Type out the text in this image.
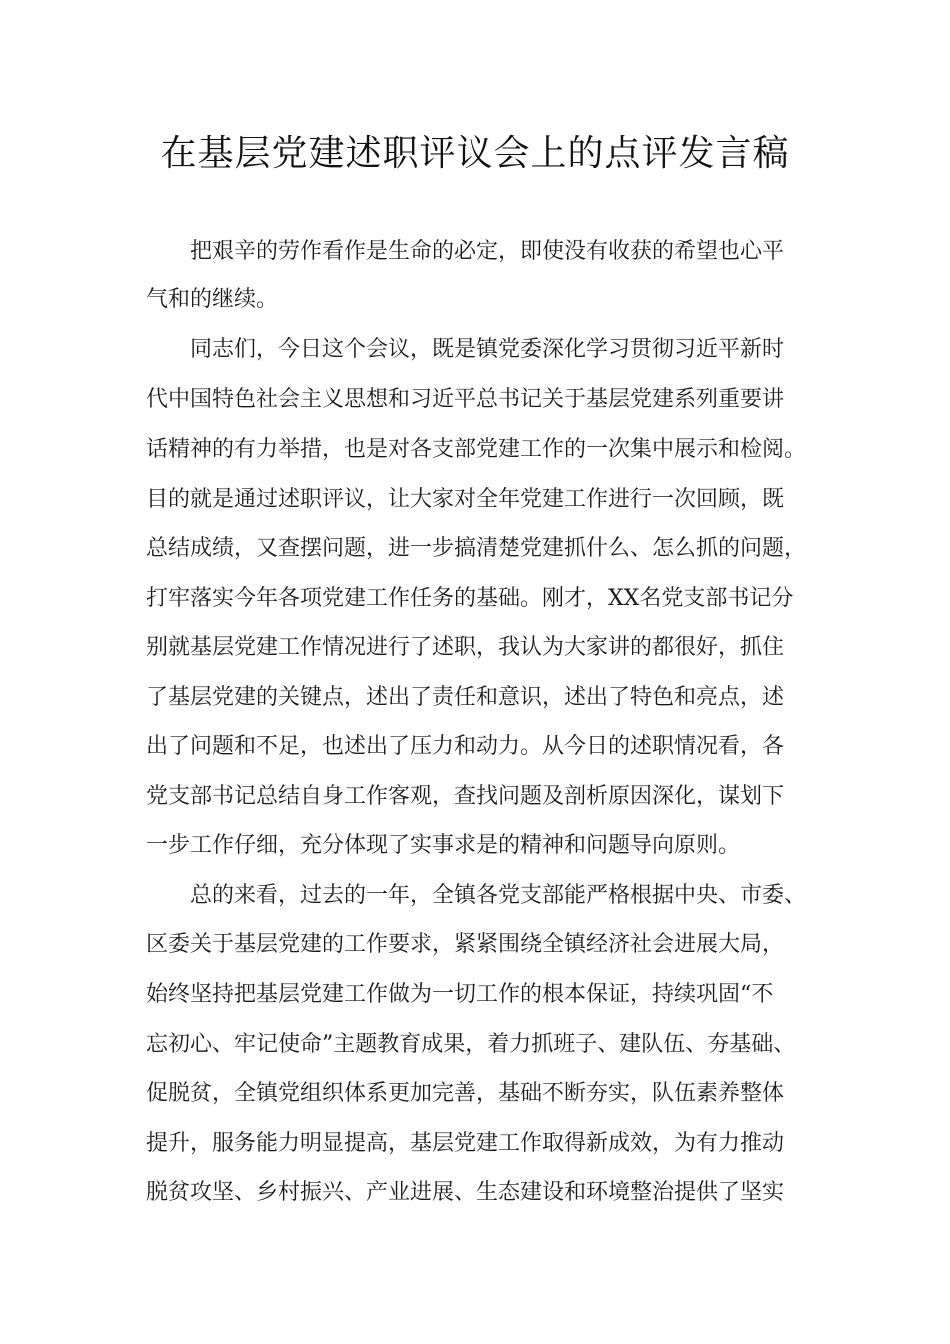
在基层党建述职评议会上的点评发言稿
把艰辛的劳作看作是生命的必定，即使没有收获的希望也心平
气和的继续。
同志们，今日这个会议，既是镇党委深化学习贯彻习近平新时
代中国特色社会主义思想和习近平总书记关于基层党建系列重要讲
话精神的有力举措，也是对各支部党建工作的一次集中展示和检阅。
目的就是通过述职评议，让大家对全年党建工作进行一次回顾，既
总结成绩，又查摆问题，进一步搞清楚党建抓什么、怎么抓的问题，
打牢落实今年各项党建工作任务的基础。刚才，XX名党支部书记分
别就基层党建工作情况进行了述职，我认为大家讲的都很好，抓住
了基层党建的关键点，述出了责任和意识，述出了特色和亮点，述
出了问题和不足，也述出了压力和动力。从今日的述职情况看，各
党支部书记总结自身工作客观，查找问题及剖析原因深化，谋划下
一步工作仔细，充分体现了实事求是的精神和问题导向原则。
总的来看，过去的一年，全镇各党支部能严格根据中央、市委、
区委关于基层党建的工作要求，紧紧围绕全镇经济社会进展大局，
始终坚持把基层党建工作做为一切工作的根本保证，持续巩固“不
忘初心、牢记使命”主题教育成果，着力抓班子、建队伍、夯基础、
促脱贫，全镇党组织体系更加完善，基础不断夯实，队伍素养整体
提升，服务能力明显提高，基层党建工作取得新成效，为有力推动
脱贫攻坚、乡村振兴、产业进展、生态建设和环境整治提供了坚实
